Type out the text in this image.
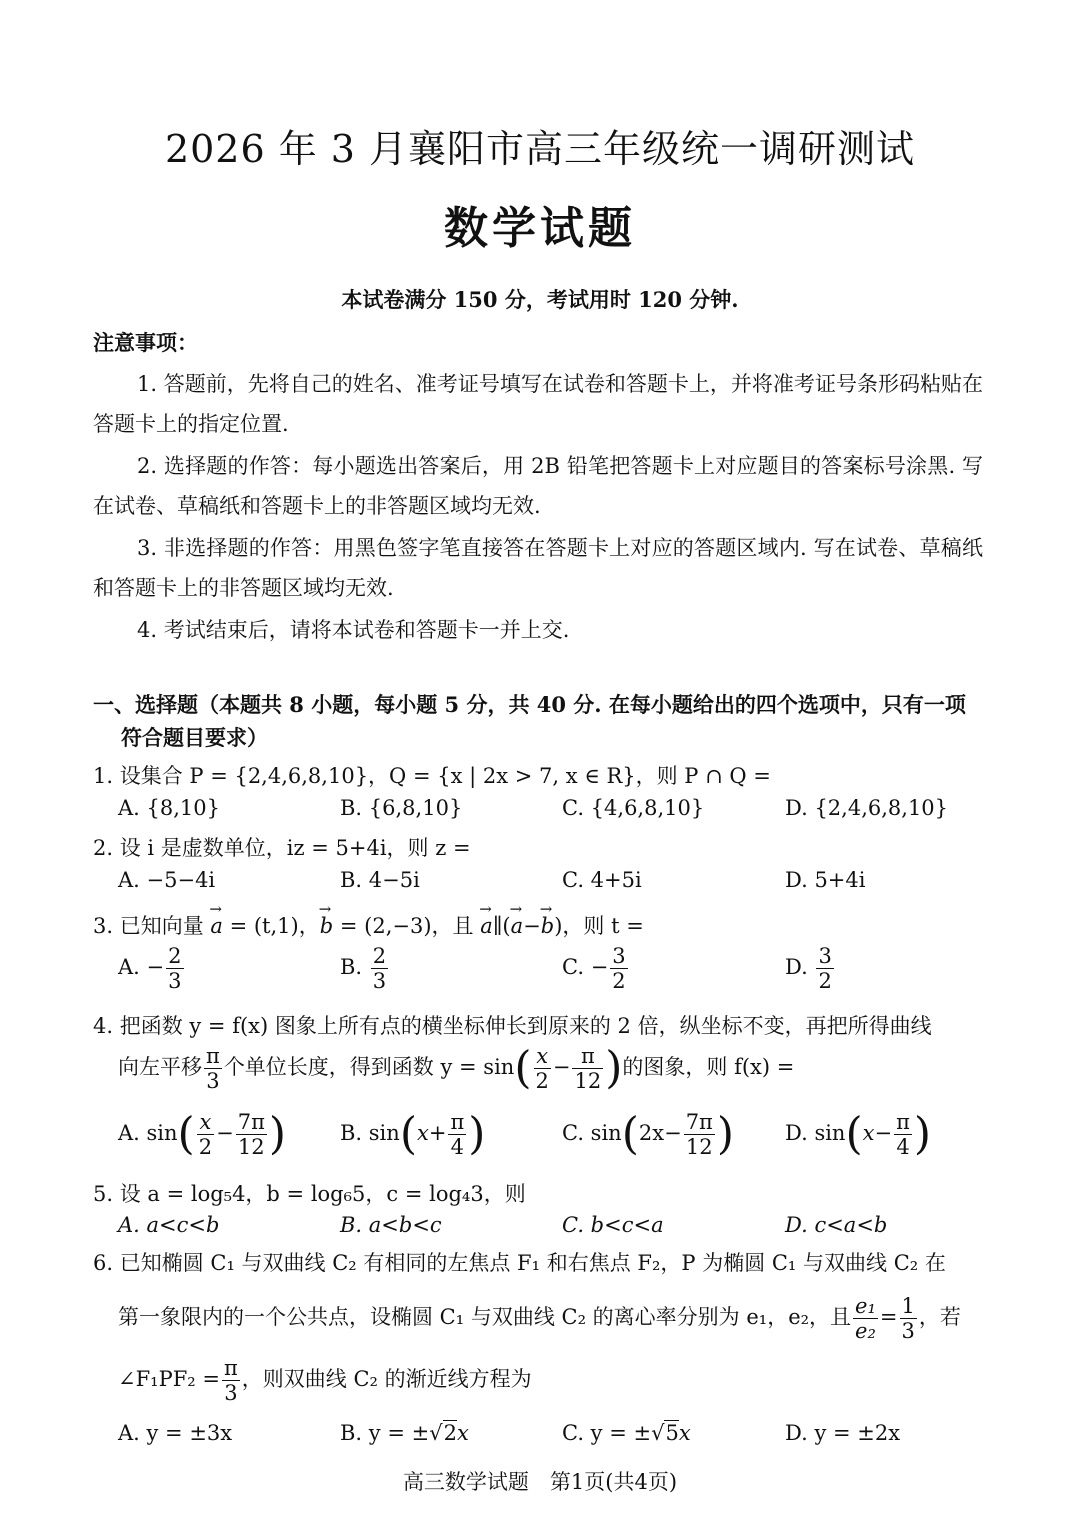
2026 年 3 月襄阳市高三年级统一调研测试
数学试题
本试卷满分 150 分，考试用时 120 分钟.
注意事项：

1. 答题前，先将自己的姓名、准考证号填写在试卷和答题卡上，并将准考证号条形码粘贴在答题卡上的指定位置.

2. 选择题的作答：每小题选出答案后，用 2B 铅笔把答题卡上对应题目的答案标号涂黑. 写在试卷、草稿纸和答题卡上的非答题区域均无效.

3. 非选择题的作答：用黑色签字笔直接答在答题卡上对应的答题区域内. 写在试卷、草稿纸和答题卡上的非答题区域均无效.

4. 考试结束后，请将本试卷和答题卡一并上交.

一、选择题（本题共 8 小题，每小题 5 分，共 40 分. 在每小题给出的四个选项中，只有一项
符合题目要求）
1. 设集合 P = {2,4,6,8,10}，Q = {x | 2x > 7, x ∈ R}，则 P ∩ Q =
A. {8,10}	B. {6,8,10}	C. {4,6,8,10}	D. {2,4,6,8,10}
2. 设 i 是虚数单位，iz = 5+4i，则 z =
A. −5−4i	B. 4−5i	C. 4+5i	D. 5+4i
3. 已知向量 → a = (t,1)，→ b = (2,−3)，且 → a∥(→ a−→ b)，则 t =
A. − $\frac{2}{3}$	B. $\frac{2}{3}$	C. − $\frac{3}{2}$	D. $\frac{3}{2}$
4. 把函数 y = f(x) 图象上所有点的横坐标伸长到原来的 2 倍，纵坐标不变，再把所得曲线
向左平移 $\frac{\pi}{3}$ 个单位长度，得到函数 $y = \sin( \frac{x}{2} - \frac{\pi}{12}$ )的图象，则 f(x) =
A. $\sin( \frac{x}{2} - \frac{7\pi}{12}$ )	B. $\sin(x+ \frac{\pi}{4}$ )	C. $\sin(2x- \frac{7\pi}{12}$ ) D. $\sin(x- \frac{\pi}{4}$ )
5. 设 a = log₅4，b = log₆5，c = log₄3，则
A. a<c<b	B. a<b<c	C. b<c<a	D. c<a<b
6. 已知椭圆 C₁ 与双曲线 C₂ 有相同的左焦点 F₁ 和右焦点 F₂，P 为椭圆 C₁ 与双曲线 C₂ 在
第一象限内的一个公共点，设椭圆 C₁ 与双曲线 C₂ 的离心率分别为 e₁，e₂，且 $\frac{\text{e₁}}{\text{e₂}} = \frac{1}{3}$ ，若
∠F₁PF₂ = $\frac{\pi}{3}$ ，则双曲线 C₂ 的渐近线方程为
A. y = ±3x	B. y = ±√2x	C. y = ±√5x	D. y = ±2x
高三数学试题　第1页(共4页)
